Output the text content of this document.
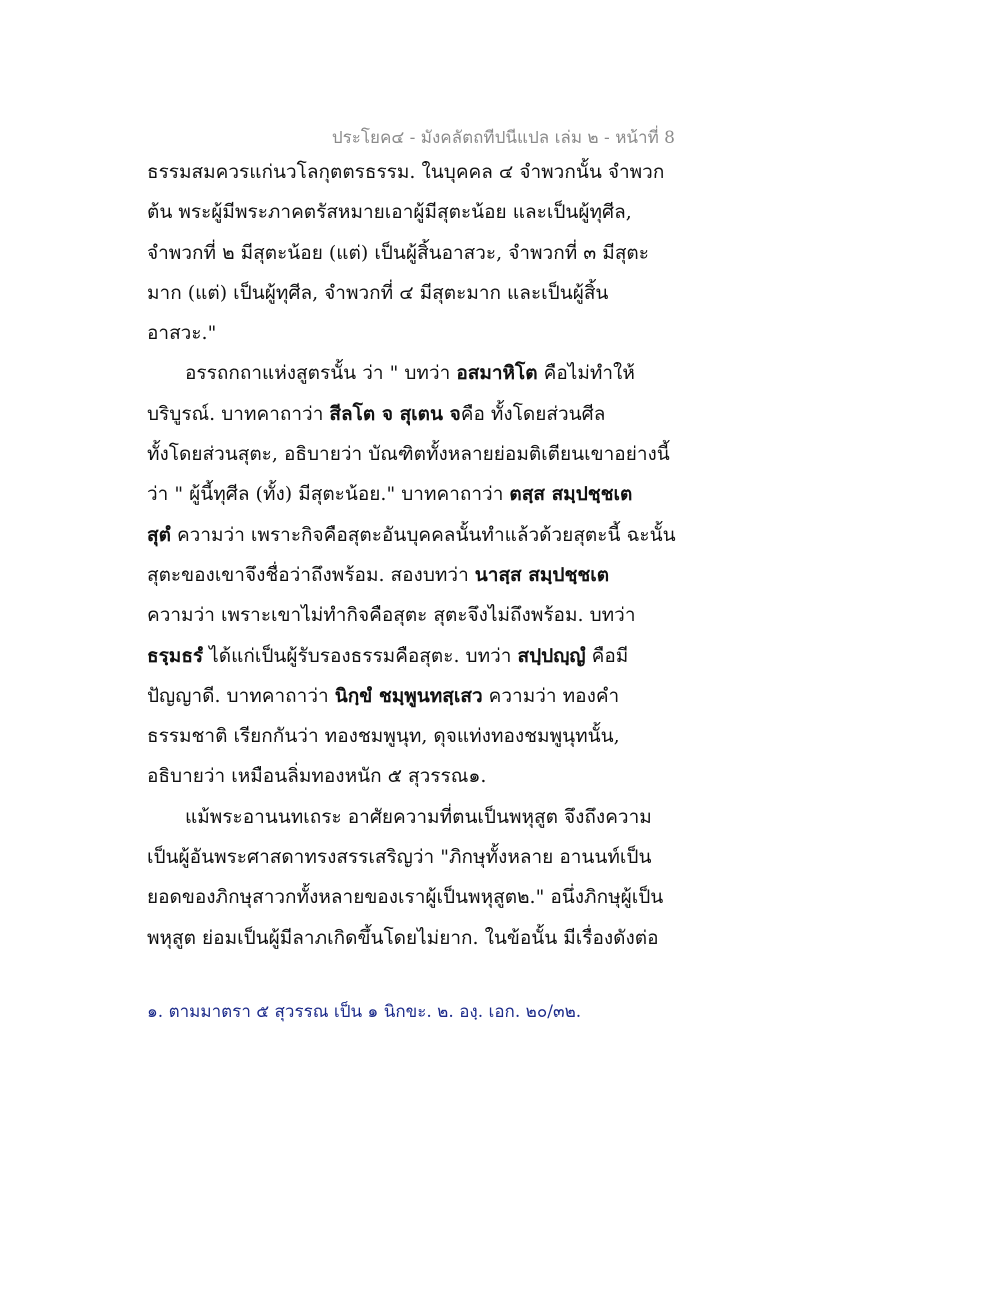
ประโยค๔ - มังคลัตถทีปนีแปล เล่ม ๒ - หน้าที่ 8
ธรรมสมควรแก่นวโลกุตตรธรรม. ในบุคคล ๔ จำพวกนั้น จำพวก
ต้น พระผู้มีพระภาคตรัสหมายเอาผู้มีสุตะน้อย และเป็นผู้ทุศีล,
จำพวกที่ ๒ มีสุตะน้อย (แต่) เป็นผู้สิ้นอาสวะ, จำพวกที่ ๓ มีสุตะ
มาก (แต่) เป็นผู้ทุศีล, จำพวกที่ ๔ มีสุตะมาก และเป็นผู้สิ้น
อาสวะ."
อรรถกถาแห่งสูตรนั้น ว่า " บทว่า อสมาหิโต คือไม่ทำให้
บริบูรณ์. บาทคาถาว่า สีลโต จ สุเตน จคือ ทั้งโดยส่วนศีล
ทั้งโดยส่วนสุตะ, อธิบายว่า บัณฑิตทั้งหลายย่อมติเตียนเขาอย่างนี้
ว่า " ผู้นี้ทุศีล (ทั้ง) มีสุตะน้อย." บาทคาถาว่า ตสฺส สมฺปชฺชเต
สุตํ ความว่า เพราะกิจคือสุตะอันบุคคลนั้นทำแล้วด้วยสุตะนี้ ฉะนั้น
สุตะของเขาจึงชื่อว่าถึงพร้อม. สองบทว่า นาสฺส สมฺปชฺชเต
ความว่า เพราะเขาไม่ทำกิจคือสุตะ สุตะจึงไม่ถึงพร้อม. บทว่า
ธรฺมธรํ ได้แก่เป็นผู้รับรองธรรมคือสุตะ. บทว่า สปฺปญฺญํ คือมี
ปัญญาดี. บาทคาถาว่า นิกฺขํ ชมฺพูนทสฺเสว ความว่า ทองคำ
ธรรมชาติ เรียกกันว่า ทองชมพูนุท, ดุจแท่งทองชมพูนุทนั้น,
อธิบายว่า เหมือนลิ่มทองหนัก ๕ สุวรรณ๑.
แม้พระอานนทเถระ อาศัยความที่ตนเป็นพหุสูต จึงถึงความ
เป็นผู้อันพระศาสดาทรงสรรเสริญว่า "ภิกษุทั้งหลาย อานนท์เป็น
ยอดของภิกษุสาวกทั้งหลายของเราผู้เป็นพหุสูต๒." อนึ่งภิกษุผู้เป็น
พหุสูต ย่อมเป็นผู้มีลาภเกิดขึ้นโดยไม่ยาก. ในข้อนั้น มีเรื่องดังต่อ
๑. ตามมาตรา ๕ สุวรรณ เป็น ๑ นิกขะ. ๒. องฺ. เอก. ๒๐/๓๒.
